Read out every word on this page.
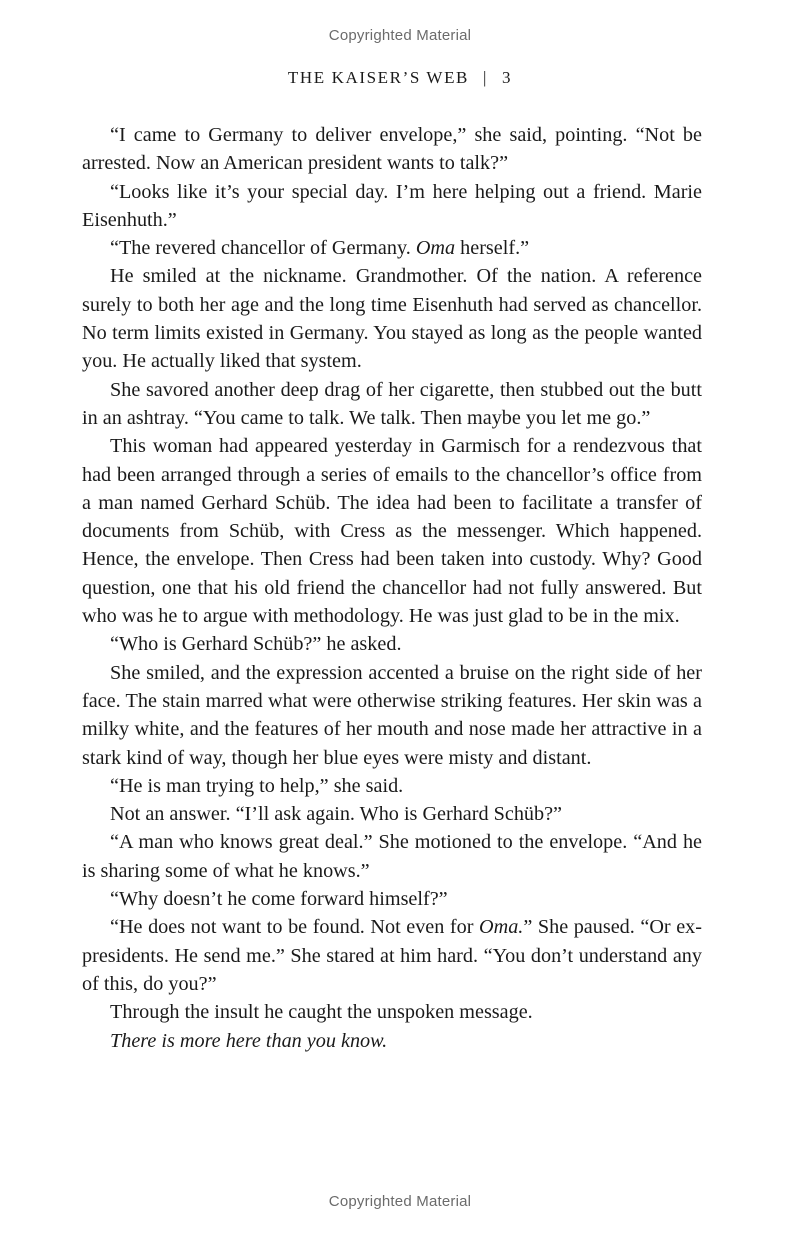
Copyrighted Material
THE KAISER’S WEB | 3

“I came to Germany to deliver envelope,” she said, pointing. “Not be arrested. Now an American president wants to talk?”

“Looks like it’s your special day. I’m here helping out a friend. Marie Eisenhuth.”

“The revered chancellor of Germany. Oma herself.”

He smiled at the nickname. Grandmother. Of the nation. A reference surely to both her age and the long time Eisenhuth had served as chancellor. No term limits existed in Germany. You stayed as long as the people wanted you. He actually liked that system.

She savored another deep drag of her cigarette, then stubbed out the butt in an ashtray. “You came to talk. We talk. Then maybe you let me go.”

This woman had appeared yesterday in Garmisch for a rendezvous that had been arranged through a series of emails to the chancellor’s office from a man named Gerhard Schüb. The idea had been to facilitate a transfer of documents from Schüb, with Cress as the messenger. Which happened. Hence, the envelope. Then Cress had been taken into custody. Why? Good question, one that his old friend the chancellor had not fully answered. But who was he to argue with methodology. He was just glad to be in the mix.

“Who is Gerhard Schüb?” he asked.

She smiled, and the expression accented a bruise on the right side of her face. The stain marred what were otherwise striking features. Her skin was a milky white, and the features of her mouth and nose made her attractive in a stark kind of way, though her blue eyes were misty and distant.

“He is man trying to help,” she said.

Not an answer. “I’ll ask again. Who is Gerhard Schüb?”

“A man who knows great deal.” She motioned to the envelope. “And he is sharing some of what he knows.”

“Why doesn’t he come forward himself?”

“He does not want to be found. Not even for Oma.” She paused. “Or ex-presidents. He send me.” She stared at him hard. “You don’t understand any of this, do you?”

Through the insult he caught the unspoken message.

There is more here than you know.

Copyrighted Material
